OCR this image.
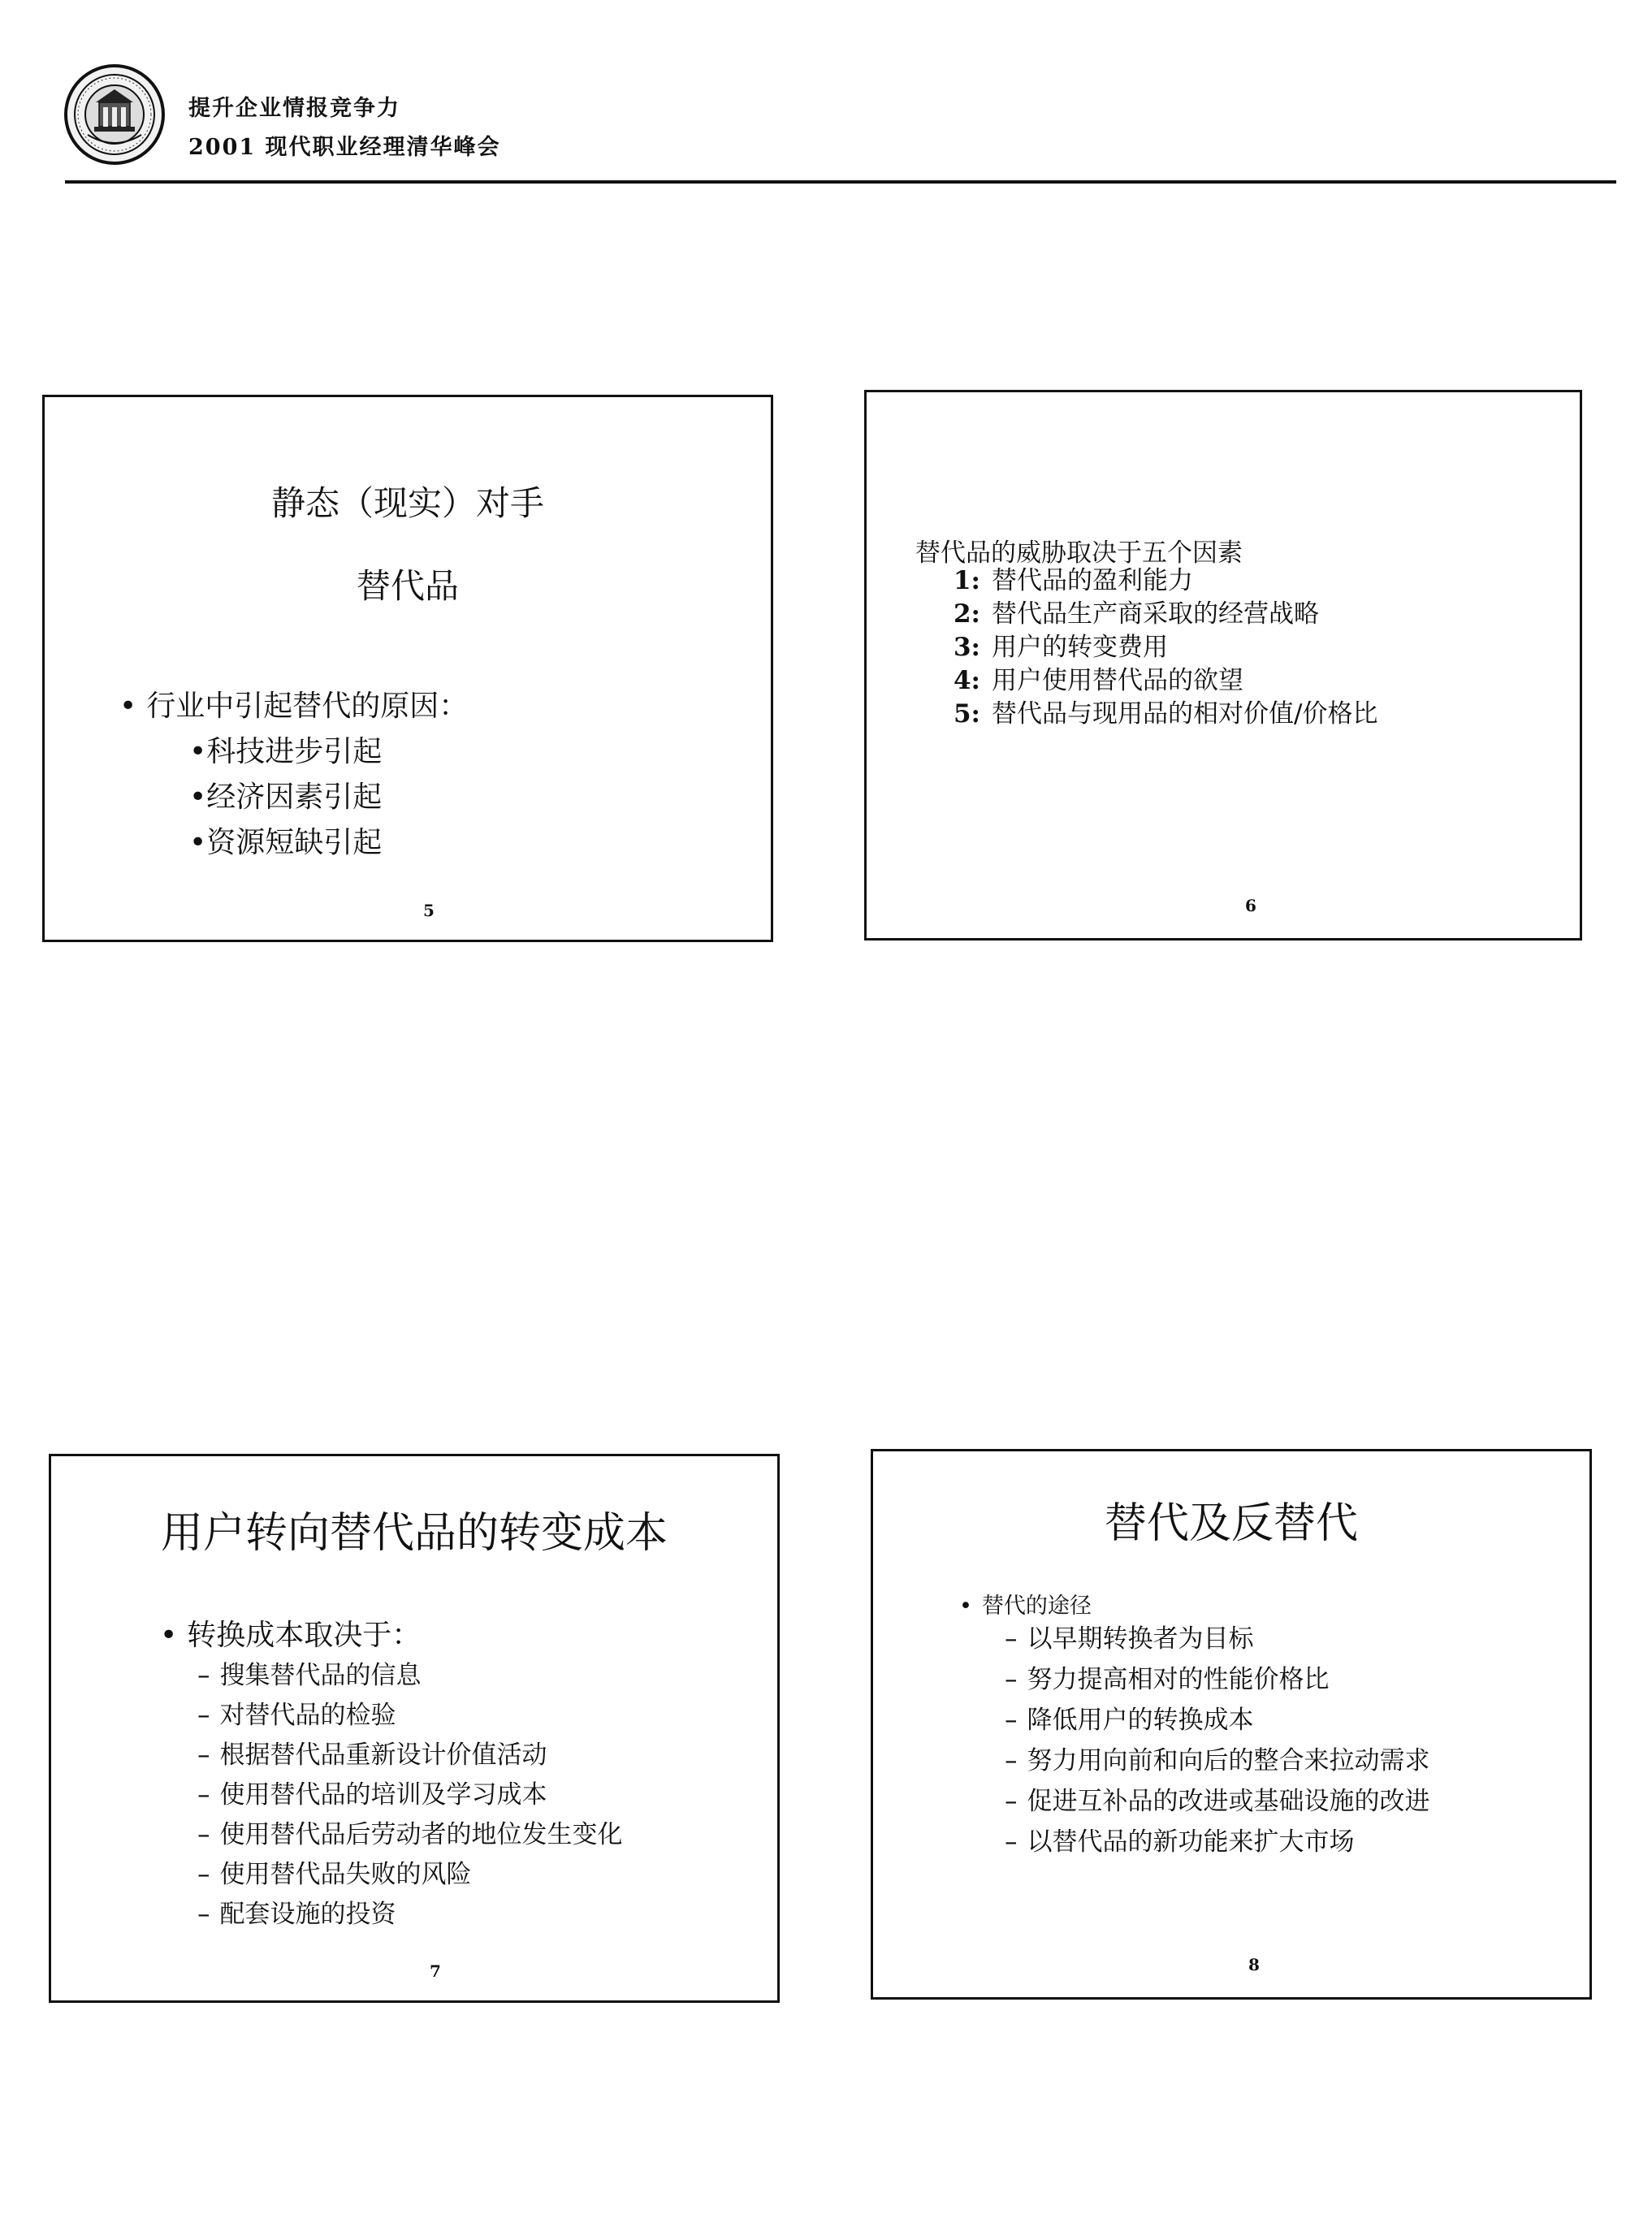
提升企业情报竞争力
2001 现代职业经理清华峰会
静态（现实）对手
替代品
• 行业中引起替代的原因：
•科技进步引起
•经济因素引起
•资源短缺引起
5
替代品的威胁取决于五个因素
1: 替代品的盈利能力
2: 替代品生产商采取的经营战略
3: 用户的转变费用
4: 用户使用替代品的欲望
5: 替代品与现用品的相对价值/价格比
6
用户转向替代品的转变成本
• 转换成本取决于：
– 搜集替代品的信息
– 对替代品的检验
– 根据替代品重新设计价值活动
– 使用替代品的培训及学习成本
– 使用替代品后劳动者的地位发生变化
– 使用替代品失败的风险
– 配套设施的投资
7
替代及反替代
• 替代的途径
– 以早期转换者为目标
– 努力提高相对的性能价格比
– 降低用户的转换成本
– 努力用向前和向后的整合来拉动需求
– 促进互补品的改进或基础设施的改进
– 以替代品的新功能来扩大市场
8
